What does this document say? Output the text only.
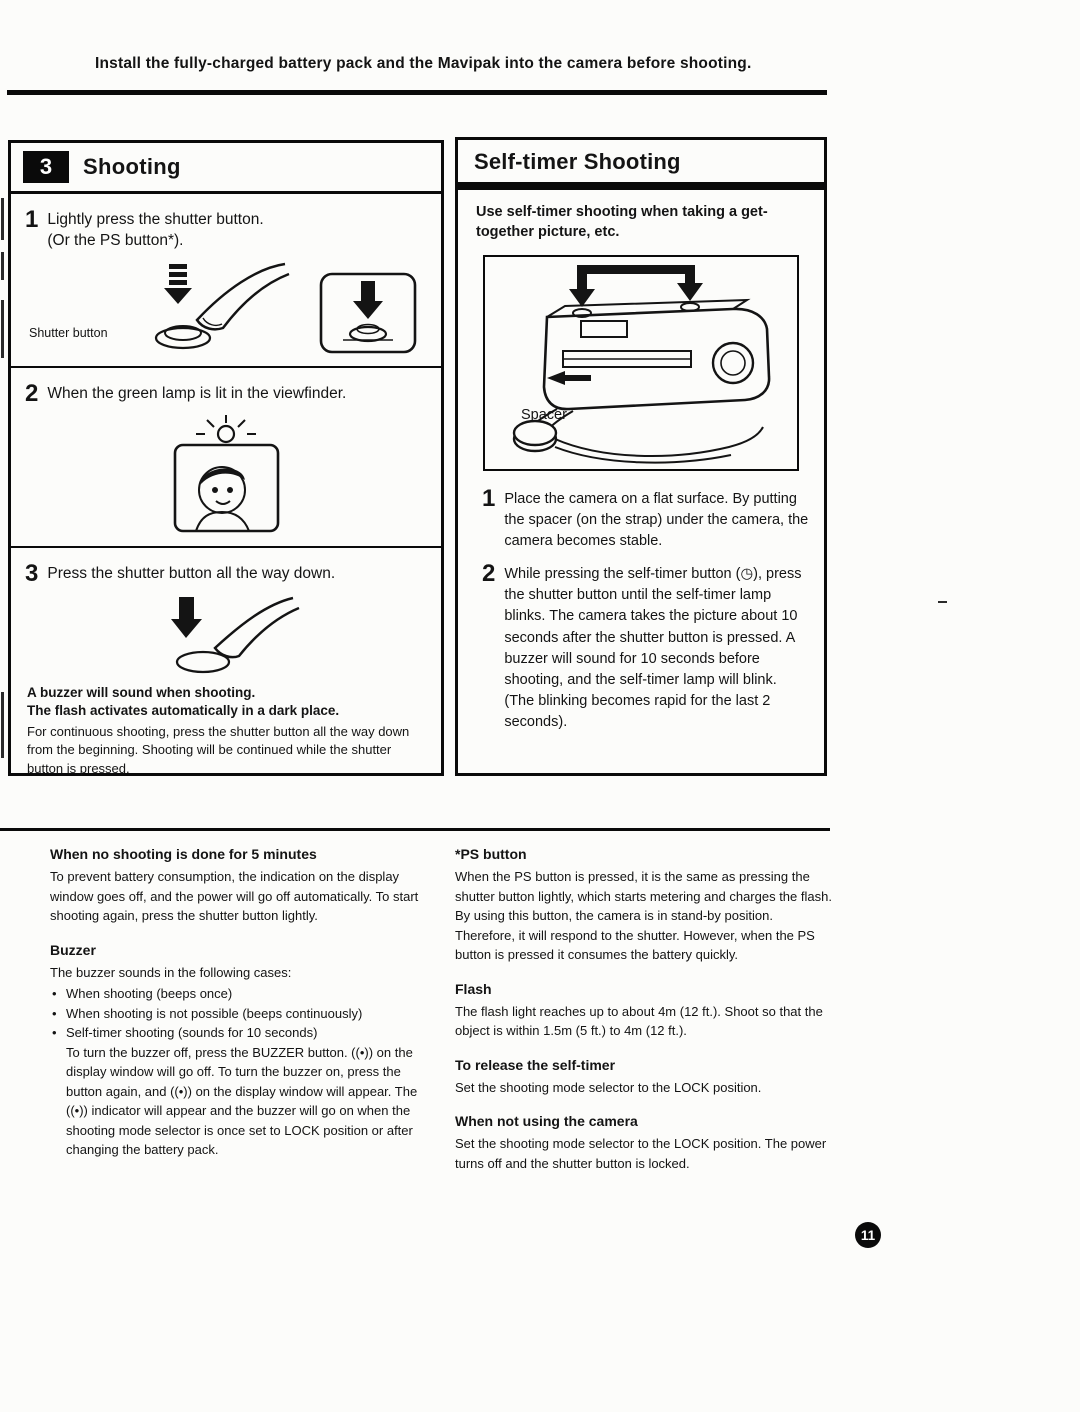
Install the fully-charged battery pack and the Mavipak into the camera before shooting.
3	Shooting
1 Lightly press the shutter button.
(Or the PS button*).
Shutter button
2 When the green lamp is lit in the viewfinder.
3 Press the shutter button all the way down.
A buzzer will sound when shooting.
The flash activates automatically in a dark place.
For continuous shooting, press the shutter button all the way down from the beginning. Shooting will be continued while the shutter button is pressed.
Self-timer Shooting
Use self-timer shooting when taking a get-together picture, etc.
Spacer
1 Place the camera on a flat surface. By putting the spacer (on the strap) under the camera, the camera becomes stable.
2 While pressing the self-timer button (◷), press the shutter button until the self-timer lamp blinks. The camera takes the picture about 10 seconds after the shutter button is pressed. A buzzer will sound for 10 seconds before shooting, and the self-timer lamp will blink. (The blinking becomes rapid for the last 2 seconds).
When no shooting is done for 5 minutes

To prevent battery consumption, the indication on the display window goes off, and the power will go off automatically. To start shooting again, press the shutter button lightly.

Buzzer

The buzzer sounds in the following cases:

• When shooting (beeps once)
• When shooting is not possible (beeps continuously)
• Self-timer shooting (sounds for 10 seconds)

To turn the buzzer off, press the BUZZER button. ((•)) on the display window will go off. To turn the buzzer on, press the button again, and ((•)) on the display window will appear. The ((•)) indicator will appear and the buzzer will go on when the shooting mode selector is once set to LOCK position or after changing the battery pack.

*PS button

When the PS button is pressed, it is the same as pressing the shutter button lightly, which starts metering and charges the flash. By using this button, the camera is in stand-by position. Therefore, it will respond to the shutter. However, when the PS button is pressed it consumes the battery quickly.

Flash

The flash light reaches up to about 4m (12 ft.). Shoot so that the object is within 1.5m (5 ft.) to 4m (12 ft.).

To release the self-timer

Set the shooting mode selector to the LOCK position.

When not using the camera

Set the shooting mode selector to the LOCK position. The power turns off and the shutter button is locked.

11
